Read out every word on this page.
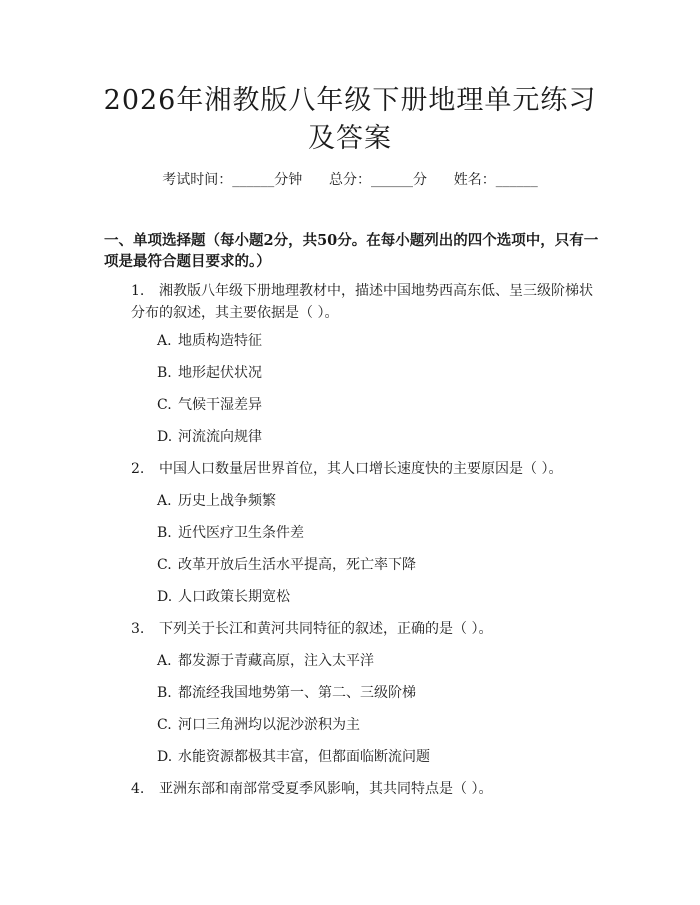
2026年湘教版八年级下册地理单元练习及答案
考试时间：______分钟      总分：______分      姓名：______
一、单项选择题（每小题2分，共50分。在每小题列出的四个选项中，只有一项是最符合题目要求的。）
1. 湘教版八年级下册地理教材中，描述中国地势西高东低、呈三级阶梯状分布的叙述，其主要依据是（ ）。
A. 地质构造特征
B. 地形起伏状况
C. 气候干湿差异
D. 河流流向规律
2. 中国人口数量居世界首位，其人口增长速度快的主要原因是（ ）。
A. 历史上战争频繁
B. 近代医疗卫生条件差
C. 改革开放后生活水平提高，死亡率下降
D. 人口政策长期宽松
3. 下列关于长江和黄河共同特征的叙述，正确的是（ ）。
A. 都发源于青藏高原，注入太平洋
B. 都流经我国地势第一、第二、三级阶梯
C. 河口三角洲均以泥沙淤积为主
D. 水能资源都极其丰富，但都面临断流问题
4. 亚洲东部和南部常受夏季风影响，其共同特点是（ ）。
